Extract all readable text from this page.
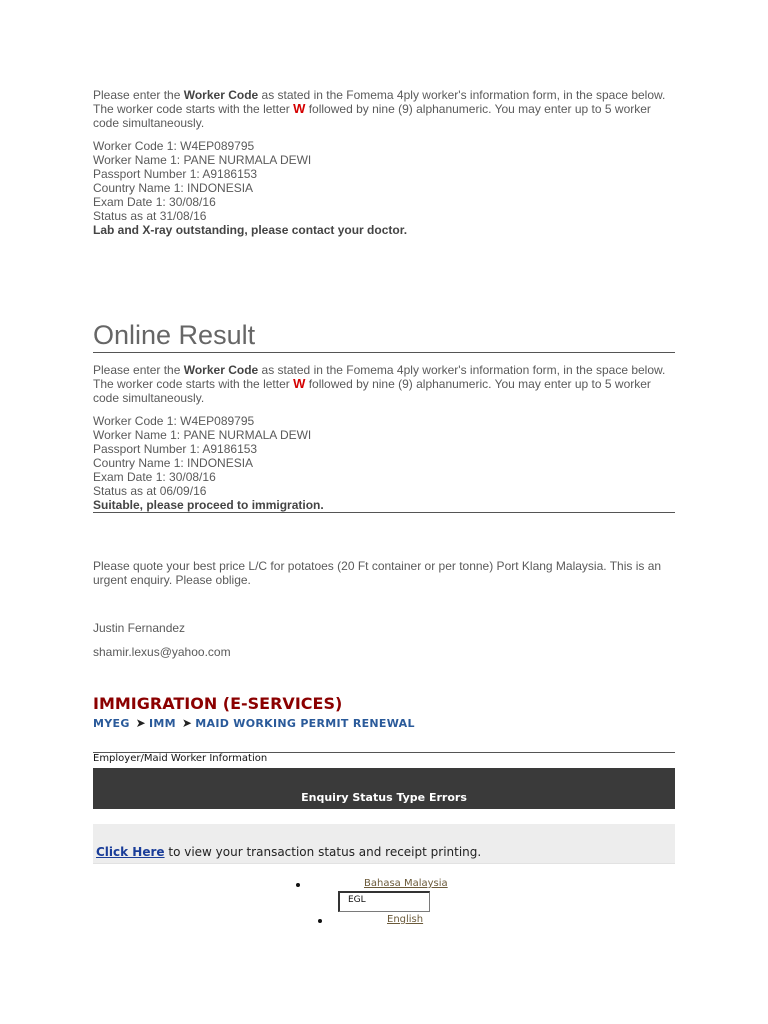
Please enter the Worker Code as stated in the Fomema 4ply worker's information form, in the space below. The worker code starts with the letter W followed by nine (9) alphanumeric. You may enter up to 5 worker code simultaneously.
Worker Code 1: W4EP089795
Worker Name 1: PANE NURMALA DEWI
Passport Number 1: A9186153
Country Name 1: INDONESIA
Exam Date 1: 30/08/16
Status as at 31/08/16
Lab and X-ray outstanding, please contact your doctor.
Online Result
Please enter the Worker Code as stated in the Fomema 4ply worker's information form, in the space below. The worker code starts with the letter W followed by nine (9) alphanumeric. You may enter up to 5 worker code simultaneously.
Worker Code 1: W4EP089795
Worker Name 1: PANE NURMALA DEWI
Passport Number 1: A9186153
Country Name 1: INDONESIA
Exam Date 1: 30/08/16
Status as at 06/09/16
Suitable, please proceed to immigration.
Please quote your best price L/C for potatoes (20 Ft container or per tonne) Port Klang Malaysia. This is an urgent enquiry. Please oblige.
Justin Fernandez
shamir.lexus@yahoo.com
IMMIGRATION (E-SERVICES)
MYEG ➤ IMM ➤ MAID WORKING PERMIT RENEWAL
Employer/Maid Worker Information
Enquiry Status Type Errors
Click Here to view your transaction status and receipt printing.
Bahasa Malaysia
EGL
English
